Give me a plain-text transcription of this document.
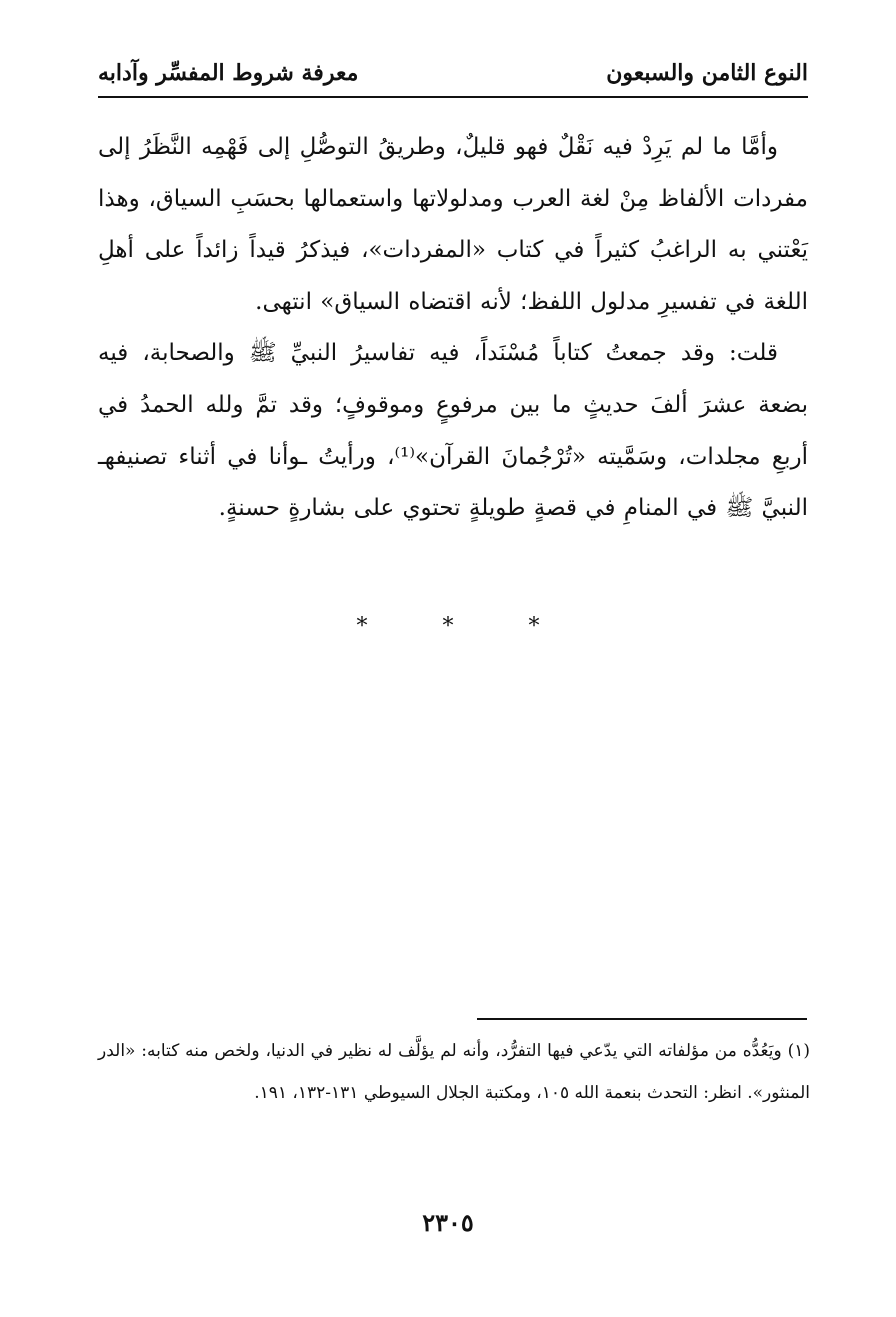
النوع الثامن والسبعون
معرفة شروط المفسِّر وآدابه

وأمَّا ما لم يَرِدْ فيه نَقْلٌ فهو قليلٌ، وطريقُ التوصُّلِ إلى فَهْمِه النَّظَرُ إلى مفردات الألفاظ مِنْ لغة العرب ومدلولاتها واستعمالها بحسَبِ السياق، وهذا يَعْتني به الراغبُ كثيراً في كتاب «المفردات»، فيذكرُ قيداً زائداً على أهلِ اللغة في تفسيرِ مدلول اللفظ؛ لأنه اقتضاه السياق» انتهى.

قلت: وقد جمعتُ كتاباً مُسْنَداً، فيه تفاسيرُ النبيِّ ﷺ والصحابة، فيه بضعة عشرَ ألفَ حديثٍ ما بين مرفوعٍ وموقوفٍ؛ وقد تمَّ ولله الحمدُ في أربعِ مجلدات، وسَمَّيته «تُرْجُمانَ القرآن»⁽¹⁾، ورأيتُ ـوأنا في أثناء تصنيفهـ النبيَّ ﷺ في المنامِ في قصةٍ طويلةٍ تحتوي على بشارةٍ حسنةٍ.

* * *

(١) ويَعُدُّه من مؤلفاته التي يدّعي فيها التفرُّد، وأنه لم يؤلَّف له نظير في الدنيا، ولخص منه كتابه: «الدر المنثور». انظر: التحدث بنعمة الله ١٠٥، ومكتبة الجلال السيوطي ١٣١-١٣٢، ١٩١.

٢٣٠٥
